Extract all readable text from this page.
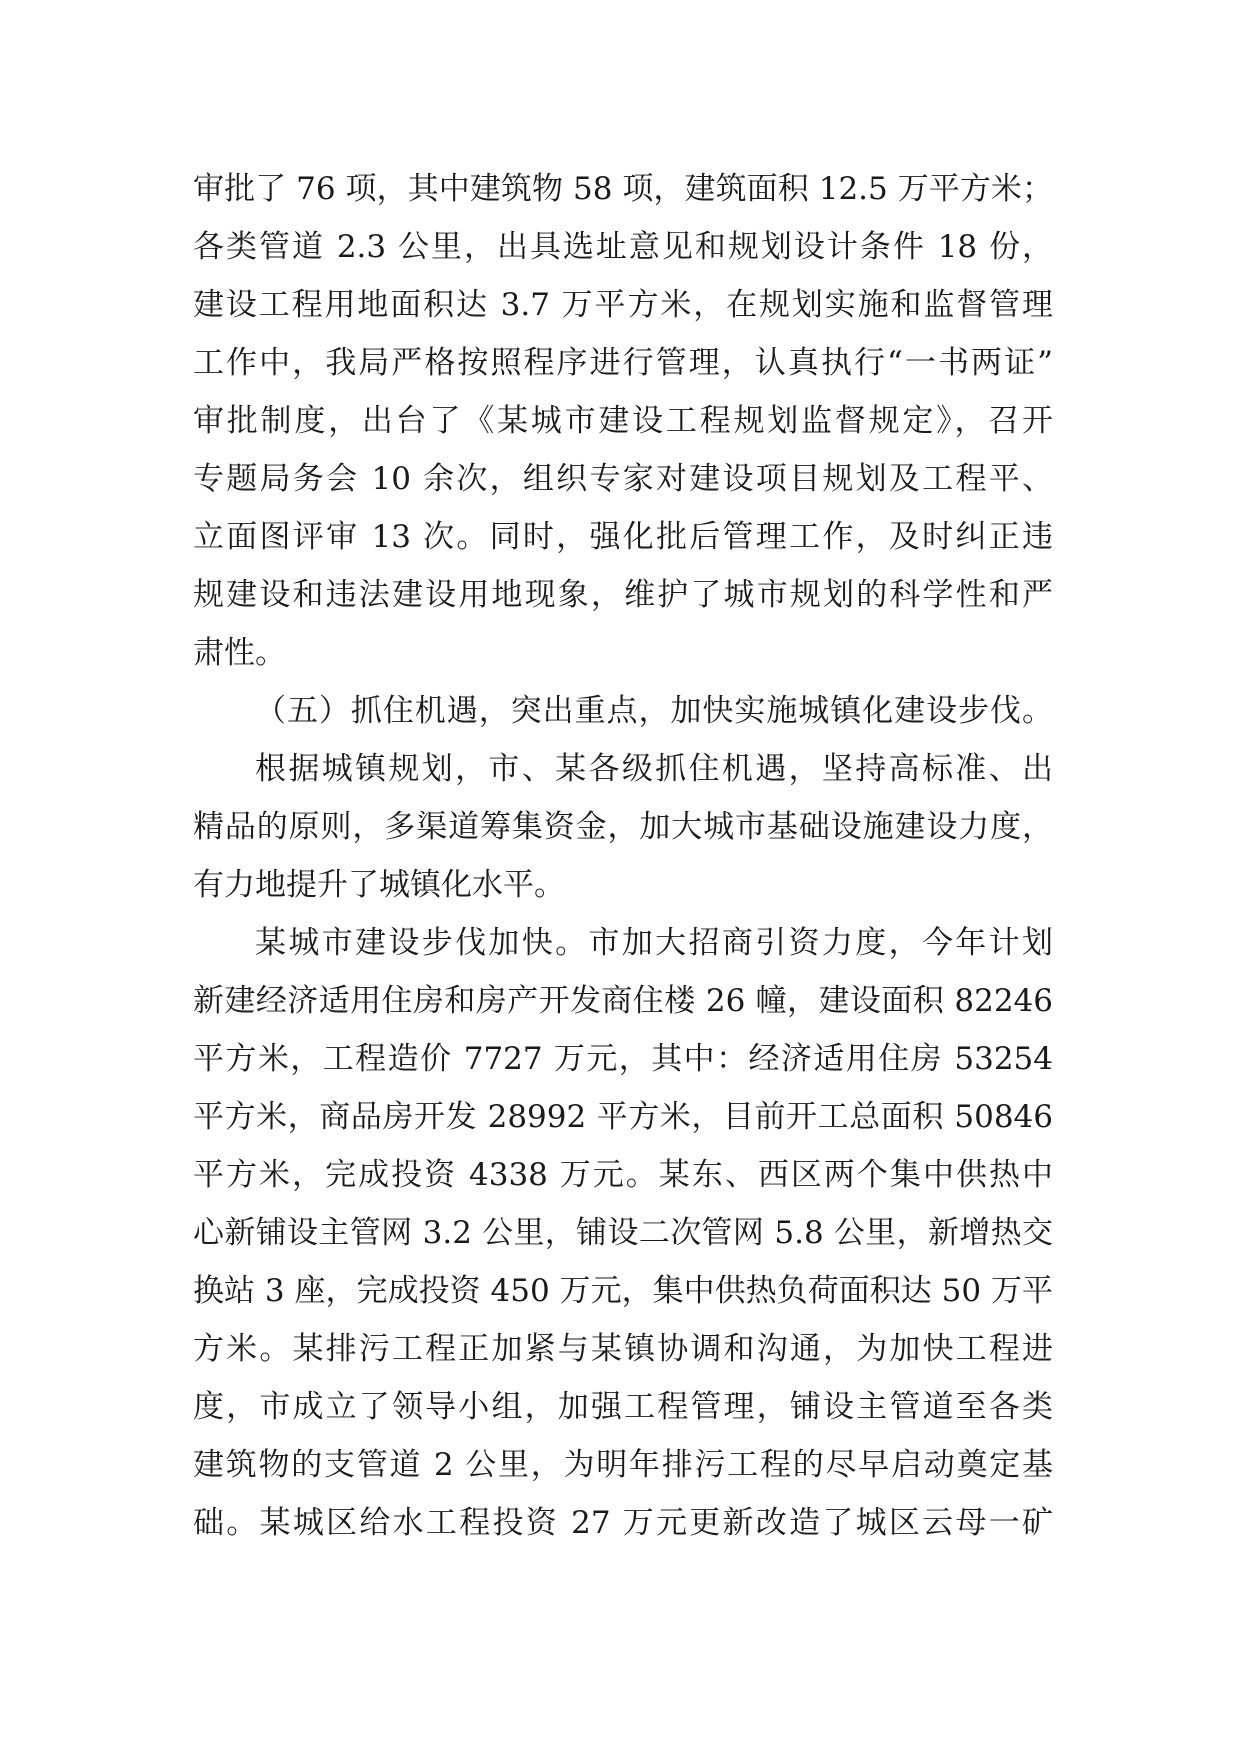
审批了 76 项，其中建筑物 58 项，建筑面积 12.5 万平方米；
各类管道 2.3 公里，出具选址意见和规划设计条件 18 份，
建设工程用地面积达 3.7 万平方米，在规划实施和监督管理
工作中，我局严格按照程序进行管理，认真执行“一书两证”
审批制度，出台了《某城市建设工程规划监督规定》，召开
专题局务会 10 余次，组织专家对建设项目规划及工程平、
立面图评审 13 次。同时，强化批后管理工作，及时纠正违
规建设和违法建设用地现象，维护了城市规划的科学性和严
肃性。
（五）抓住机遇，突出重点，加快实施城镇化建设步伐。
根据城镇规划，市、某各级抓住机遇，坚持高标准、出
精品的原则，多渠道筹集资金，加大城市基础设施建设力度，
有力地提升了城镇化水平。
某城市建设步伐加快。市加大招商引资力度，今年计划
新建经济适用住房和房产开发商住楼 26 幢，建设面积 82246
平方米，工程造价 7727 万元，其中：经济适用住房 53254
平方米，商品房开发 28992 平方米，目前开工总面积 50846
平方米，完成投资 4338 万元。某东、西区两个集中供热中
心新铺设主管网 3.2 公里，铺设二次管网 5.8 公里，新增热交
换站 3 座，完成投资 450 万元，集中供热负荷面积达 50 万平
方米。某排污工程正加紧与某镇协调和沟通，为加快工程进
度，市成立了领导小组，加强工程管理，铺设主管道至各类
建筑物的支管道 2 公里，为明年排污工程的尽早启动奠定基
础。某城区给水工程投资 27 万元更新改造了城区云母一矿
